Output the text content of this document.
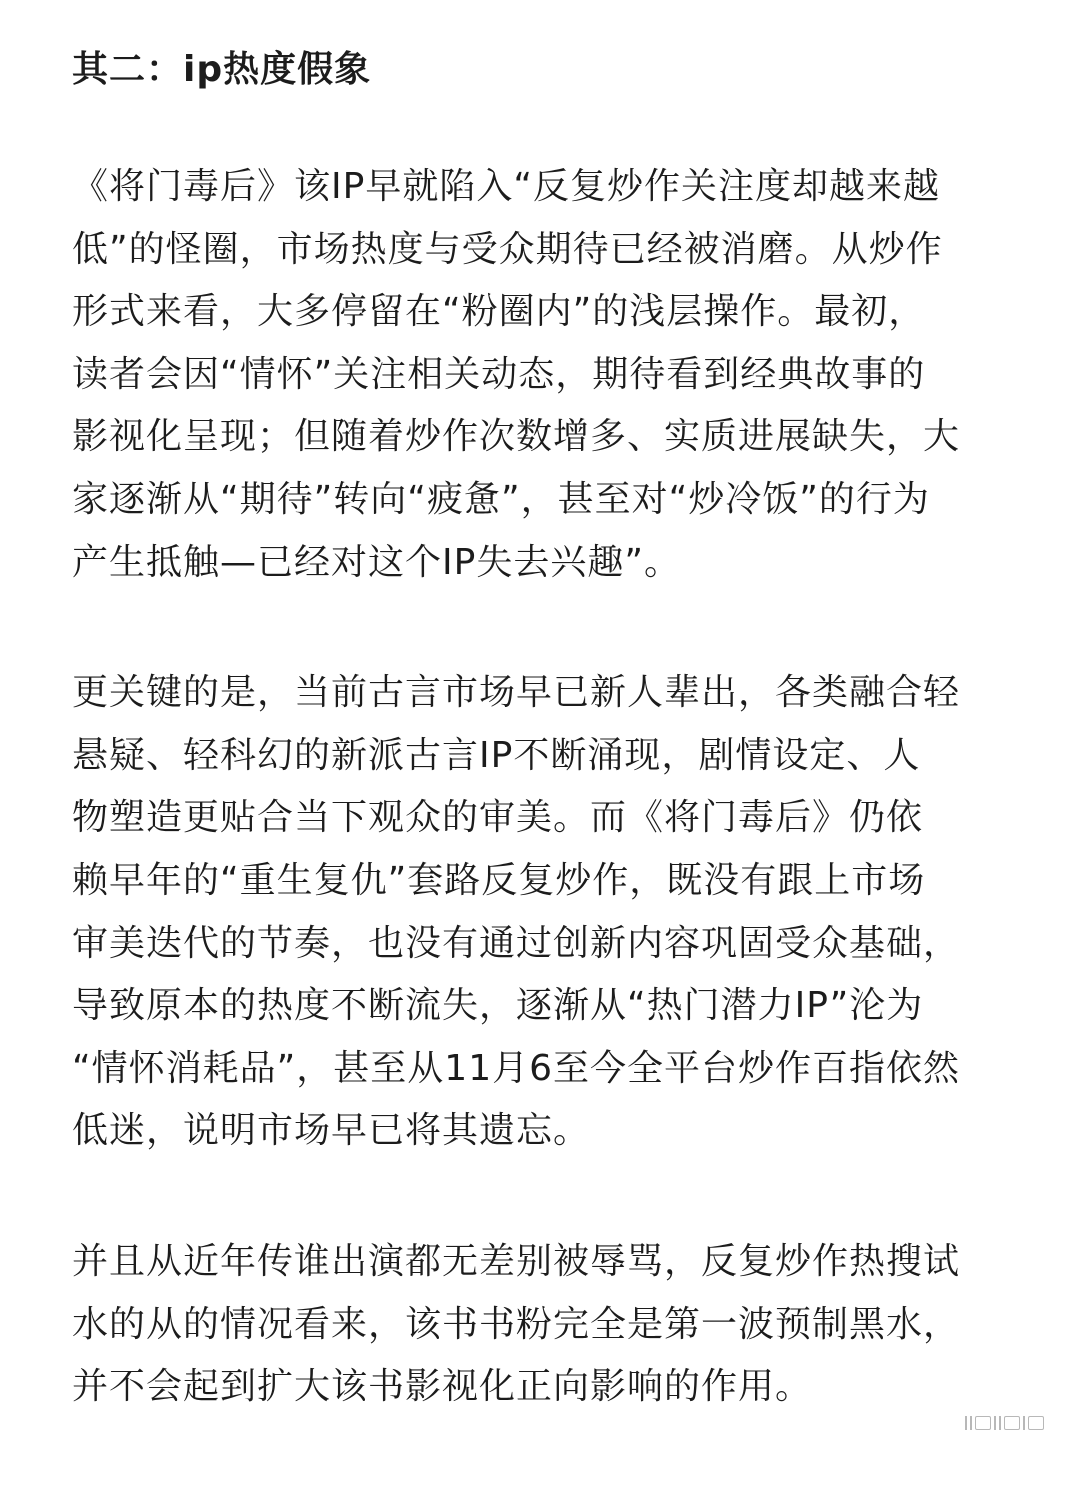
其二：ip热度假象
《将门毒后》该IP早就陷入“反复炒作关注度却越来越
低”的怪圈，市场热度与受众期待已经被消磨。从炒作
形式来看，大多停留在“粉圈内”的浅层操作。最初，
读者会因“情怀”关注相关动态，期待看到经典故事的
影视化呈现；但随着炒作次数增多、实质进展缺失，大
家逐渐从“期待”转向“疲惫”，甚至对“炒冷饭”的行为
产生抵触—已经对这个IP失去兴趣”。
更关键的是，当前古言市场早已新人辈出，各类融合轻
悬疑、轻科幻的新派古言IP不断涌现，剧情设定、人
物塑造更贴合当下观众的审美。而《将门毒后》仍依
赖早年的“重生复仇”套路反复炒作，既没有跟上市场
审美迭代的节奏，也没有通过创新内容巩固受众基础，
导致原本的热度不断流失，逐渐从“热门潜力IP”沦为
“情怀消耗品”，甚至从11月6至今全平台炒作百指依然
低迷，说明市场早已将其遗忘。
并且从近年传谁出演都无差别被辱骂，反复炒作热搜试
水的从的情况看来，该书书粉完全是第一波预制黑水，
并不会起到扩大该书影视化正向影响的作用。
